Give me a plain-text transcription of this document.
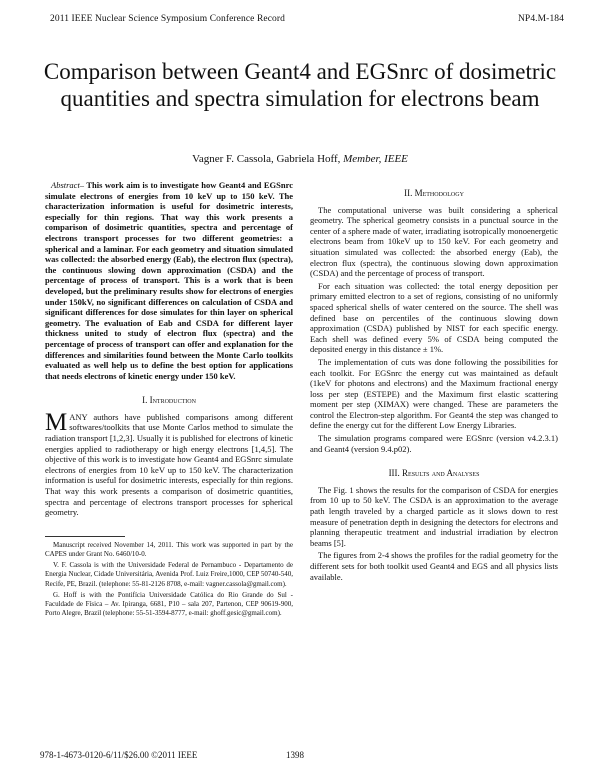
2011 IEEE Nuclear Science Symposium Conference Record	NP4.M-184
Comparison between Geant4 and EGSnrc of dosimetric quantities and spectra simulation for electrons beam
Vagner F. Cassola, Gabriela Hoff, Member, IEEE

Abstract– This work aim is to investigate how Geant4 and EGSnrc simulate electrons of energies from 10 keV up to 150 keV. The characterization information is useful for dosimetric interests, especially for thin regions. That way this work presents a comparison of dosimetric quantities, spectra and percentage of electrons transport processes for two different geometries: a spherical and a laminar. For each geometry and situation simulated was collected: the absorbed energy (Eab), the electron flux (spectra), the continuous slowing down approximation (CSDA) and the percentage of process of transport. This is a work that is been developed, but the preliminary results show for electrons of energies under 150kV, no significant differences on calculation of CSDA and significant differences for dose simulates for thin layer on spherical geometry. The evaluation of Eab and CSDA for different layer thickness united to study of electron flux (spectra) and the percentage of process of transport can offer and explanation for the differences and similarities found between the Monte Carlo toolkits evaluated as well help us to define the best option for applications that needs electrons of kinetic energy under 150 keV.

I. Introduction

M ANY authors have published comparisons among different softwares/toolkits that use Monte Carlos method to simulate the radiation transport [1,2,3]. Usually it is published for electrons of kinetic energies applied to radiotherapy or high energy electrons [1,4,5]. The objective of this work is to investigate how Geant4 and EGSnrc simulate electrons of energies from 10 keV up to 150 keV. The characterization information is useful for dosimetric interests, especially for thin regions. That way this work presents a comparison of dosimetric quantities, spectra and percentage of electrons transport processes for spherical geometry.

Manuscript received November 14, 2011. This work was supported in part by the CAPES under Grant No. 6460/10-0.

V. F. Cassola is with the Universidade Federal de Pernambuco - Departamento de Energia Nuclear, Cidade Universitária, Avenida Prof. Luiz Freire,1000, CEP 50740-540, Recife, PE, Brazil. (telephone: 55-81-2126 8708, e-mail: vagner.cassola@gmail.com).

G. Hoff is with the Pontifícia Universidade Católica do Rio Grande do Sul - Faculdade de Física – Av. Ipiranga, 6681, P10 – sala 207, Partenon, CEP 90619-900, Porto Alegre, Brazil (telephone: 55-51-3594-8777, e-mail: ghoff.gesic@gmail.com).

II. Methodology

The computational universe was built considering a spherical geometry. The spherical geometry consists in a punctual source in the center of a sphere made of water, irradiating isotropically monoenergetic electrons beam from 10keV up to 150 keV. For each geometry and situation simulated was collected: the absorbed energy (Eab), the electron flux (spectra), the continuous slowing down approximation (CSDA) and the percentage of process of transport.

For each situation was collected: the total energy deposition per primary emitted electron to a set of regions, consisting of no uniformly spaced spherical shells of water centered on the source. The shell was defined base on percentiles of the continuous slowing down approximation (CSDA) published by NIST for each specific energy. Each shell was defined every 5% of CSDA being computed the deposited energy in this distance ± 1%.

The implementation of cuts was done following the possibilities for each toolkit. For EGSnrc the energy cut was maintained as default (1keV for photons and electrons) and the Maximum fractional energy loss per step (ESTEPE) and the Maximum first elastic scattering moment per step (XIMAX) were changed. These are parameters the control the Electron-step algorithm. For Geant4 the step was changed to define the energy cut for the different Low Energy Libraries.

The simulation programs compared were EGSnrc (version v4.2.3.1) and Geant4 (version 9.4.p02).

III. Results and Analyses

The Fig. 1 shows the results for the comparison of CSDA for energies from 10 up to 50 keV. The CSDA is an approximation to the average path length traveled by a charged particle as it slows down to rest measure of penetration depth in designing the detectors for electrons and planning therapeutic treatment and industrial irradiation by electron beams [5].

The figures from 2-4 shows the profiles for the radial geometry for the different sets for both toolkit used Geant4 and EGS and all physics lists available.

978-1-4673-0120-6/11/$26.00 ©2011 IEEE	1398
